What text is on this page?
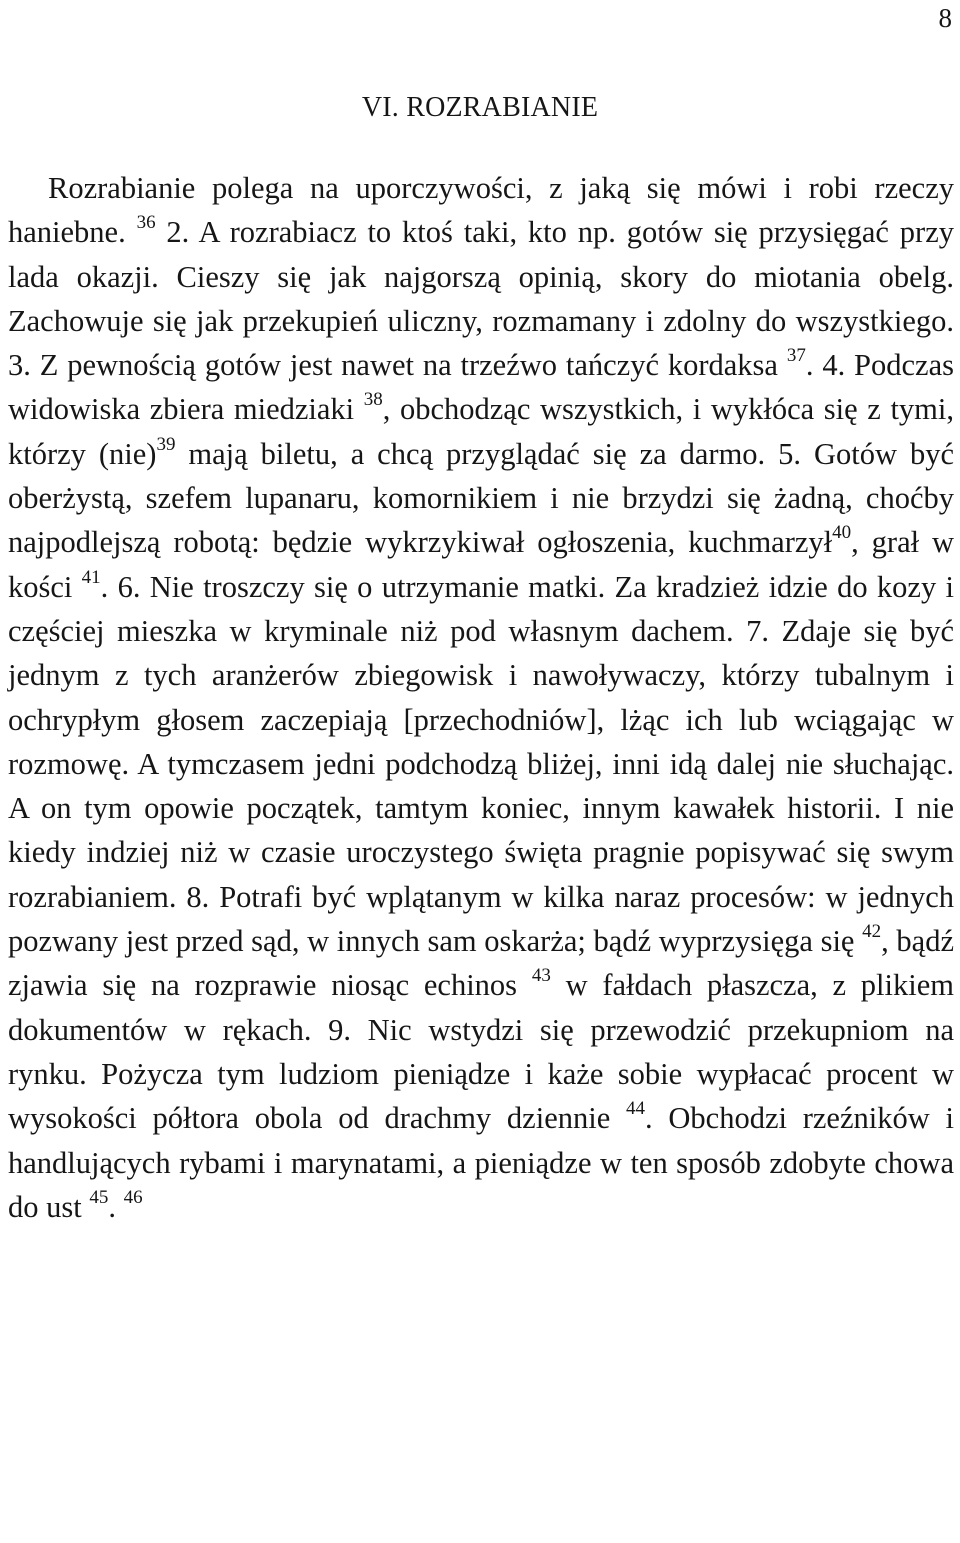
8
VI. ROZRABIANIE

Rozrabianie polega na uporczywości, z jaką się mówi i robi rzeczy haniebne. $^{36}$ 2. A rozrabiacz to ktoś taki, kto np. gotów się przysięgać przy lada okazji. Cieszy się jak najgorszą opinią, skory do miotania obelg. Zachowuje się jak przekupień uliczny, rozmamany i zdolny do wszystkiego. 3. Z pewnością gotów jest nawet na trzeźwo tańczyć kordaksa $^{37}$. 4. Podczas widowiska zbiera miedziaki $^{38}$, obchodząc wszystkich, i wykłóca się z tymi, którzy (nie)$^{39}$ mają biletu, a chcą przyglądać się za darmo. 5. Gotów być oberżystą, szefem lupanaru, komornikiem i nie brzydzi się żadną, choćby najpodlejszą robotą: będzie wykrzykiwał ogłoszenia, kuchmarzył$^{40}$, grał w kości $^{41}$. 6. Nie troszczy się o utrzymanie matki. Za kradzież idzie do kozy i częściej mieszka w kryminale niż pod własnym dachem. 7. Zdaje się być jednym z tych aranżerów zbiegowisk i nawoływaczy, którzy tubalnym i ochrypłym głosem zaczepiają [przechodniów], lżąc ich lub wciągając w rozmowę. A tymczasem jedni podchodzą bliżej, inni idą dalej nie słuchając. A on tym opowie początek, tamtym koniec, innym kawałek historii. I nie kiedy indziej niż w czasie uroczystego święta pragnie popisywać się swym rozrabianiem. 8. Potrafi być wplątanym w kilka naraz procesów: w jednych pozwany jest przed sąd, w innych sam oskarża; bądź wyprzysięga się $^{42}$, bądź zjawia się na rozprawie niosąc echinos $^{43}$ w fałdach płaszcza, z plikiem dokumentów w rękach. 9. Nic wstydzi się przewodzić przekupniom na rynku. Pożycza tym ludziom pieniądze i każe sobie wypłacać procent w wysokości półtora obola od drachmy dziennie $^{44}$. Obchodzi rzeźników i handlujących rybami i marynatami, a pieniądze w ten sposób zdobyte chowa do ust $^{45}$. $^{46}$
